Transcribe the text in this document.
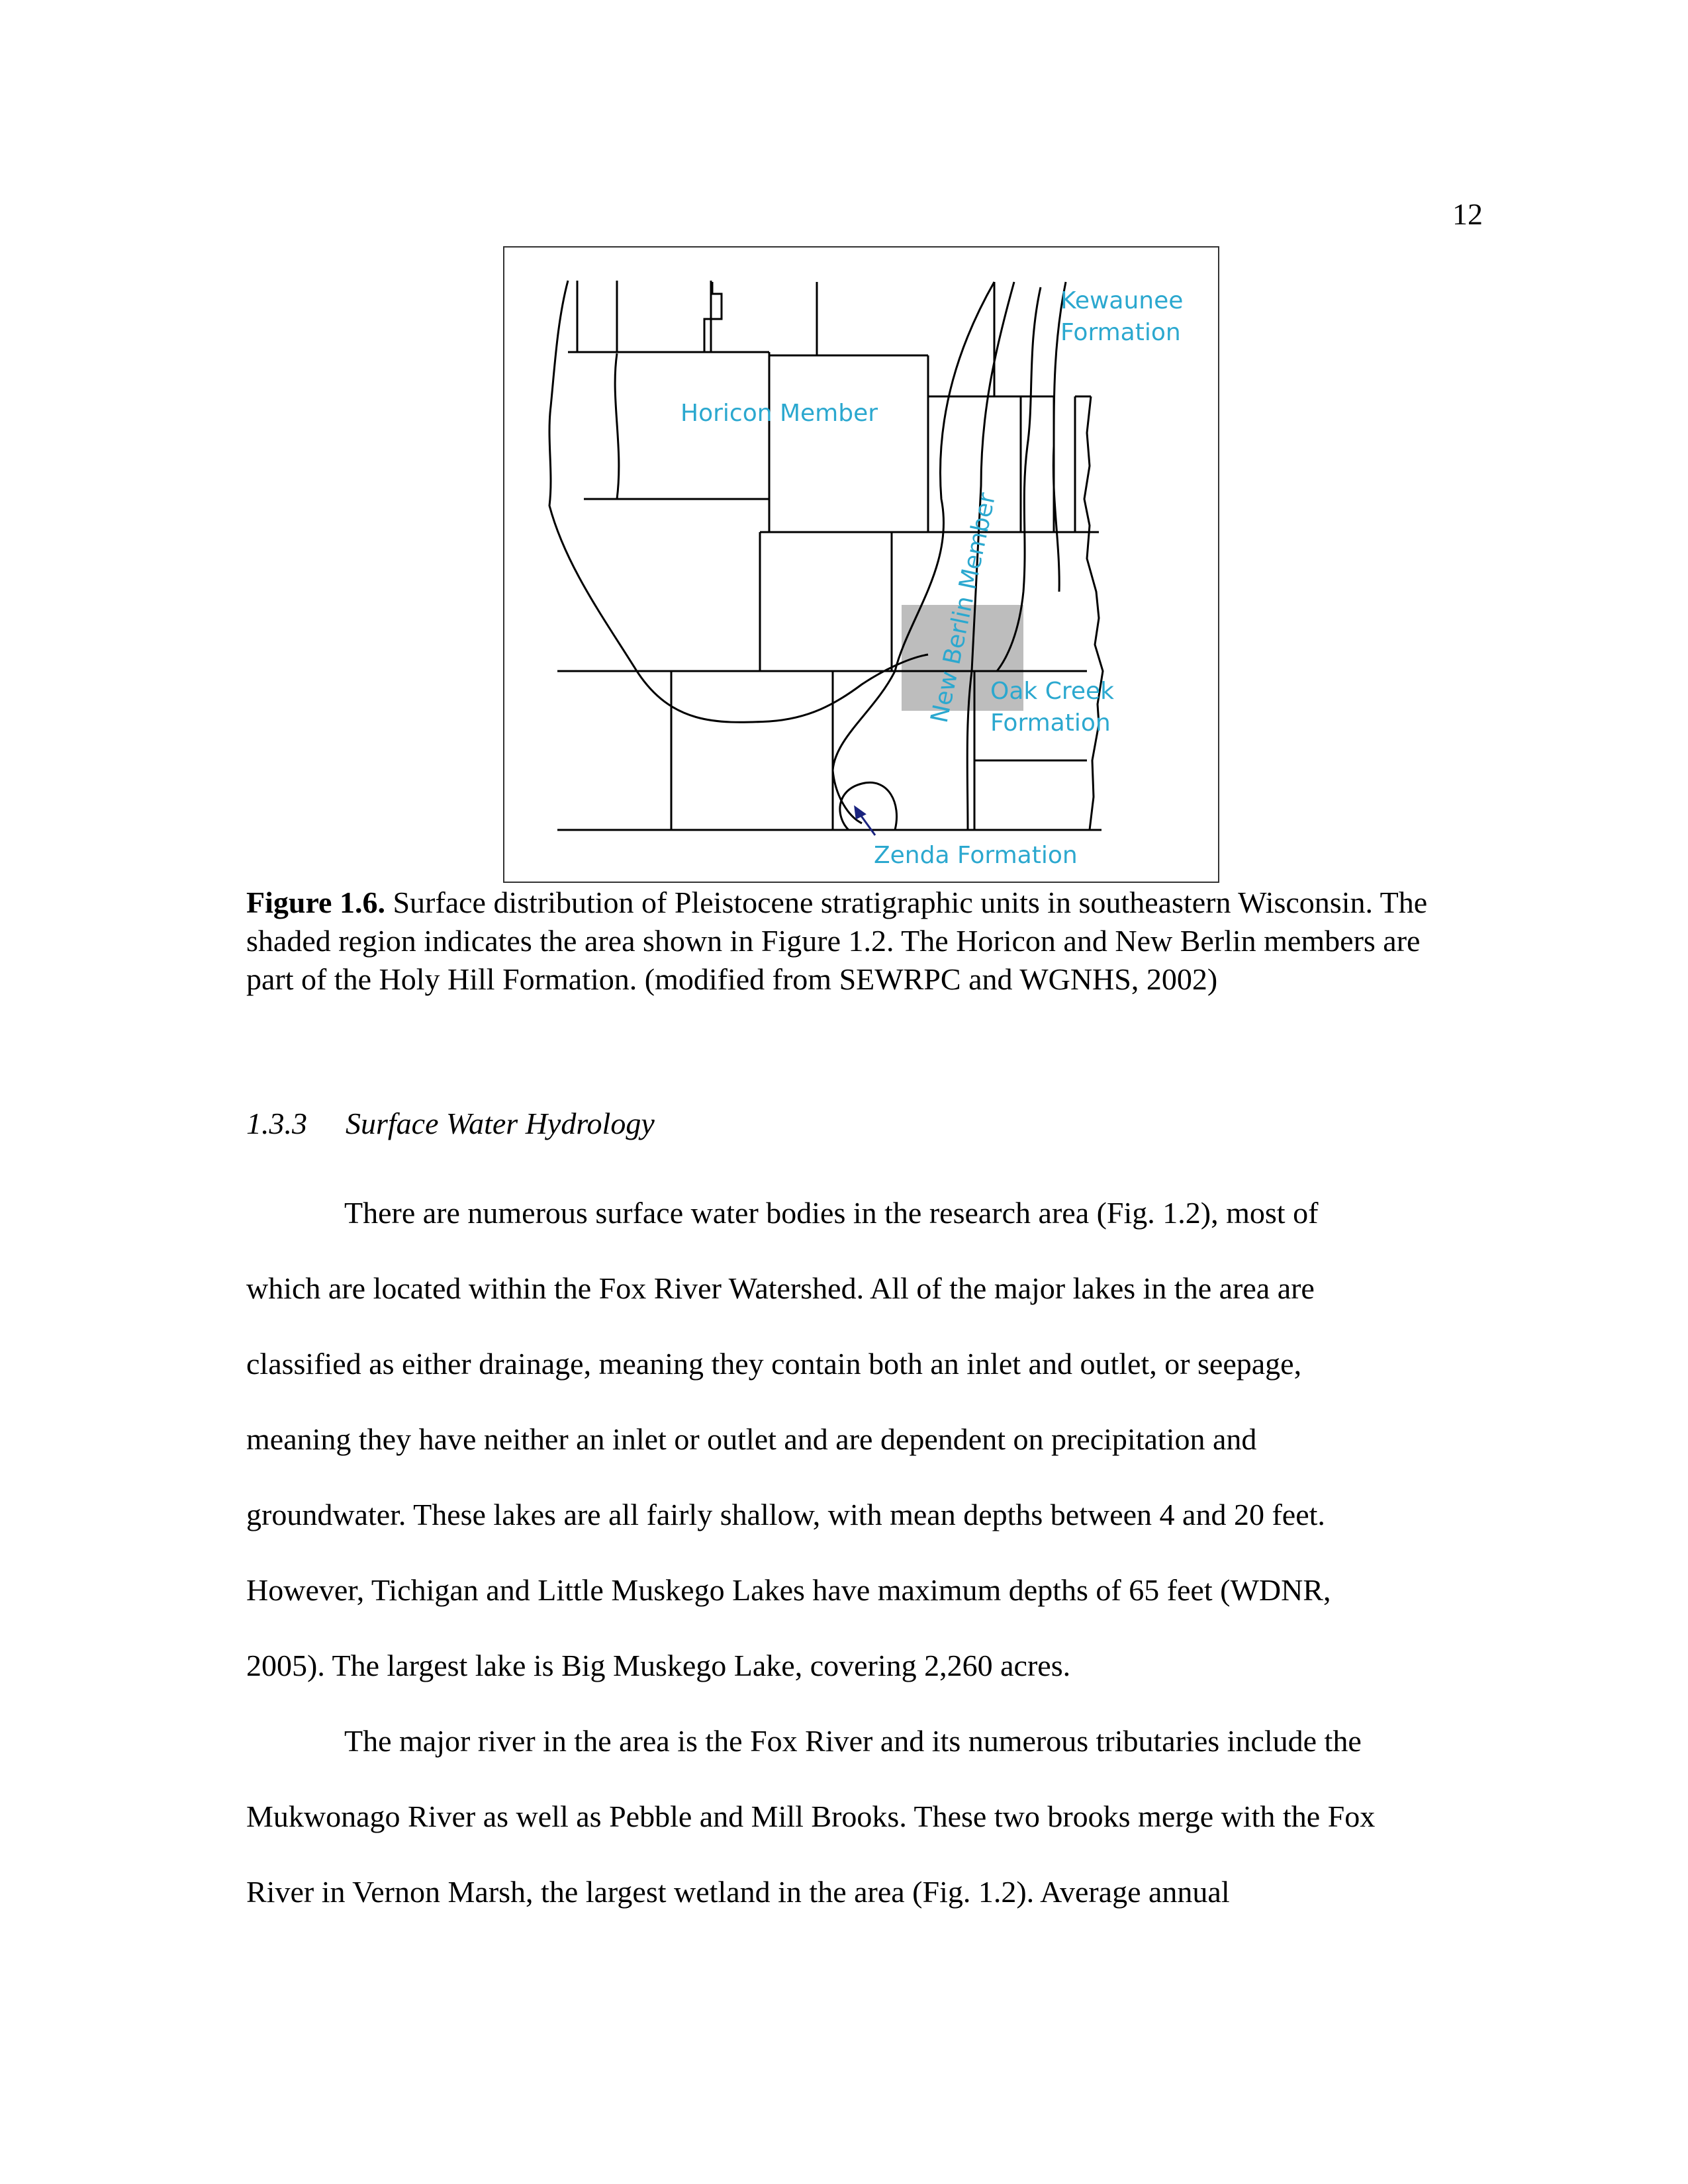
12
Kewaunee
Formation
Horicon Member
New Berlin Member
Oak Creek
Formation
Zenda Formation
Figure 1.6. Surface distribution of Pleistocene stratigraphic units in southeastern Wisconsin. The shaded region indicates the area shown in Figure 1.2. The Horicon and New Berlin members are part of the Holy Hill Formation. (modified from SEWRPC and WGNHS, 2002)
1.3.3 Surface Water Hydrology
There are numerous surface water bodies in the research area (Fig. 1.2), most of
which are located within the Fox River Watershed. All of the major lakes in the area are
classified as either drainage, meaning they contain both an inlet and outlet, or seepage,
meaning they have neither an inlet or outlet and are dependent on precipitation and
groundwater. These lakes are all fairly shallow, with mean depths between 4 and 20 feet.
However, Tichigan and Little Muskego Lakes have maximum depths of 65 feet (WDNR,
2005). The largest lake is Big Muskego Lake, covering 2,260 acres.
The major river in the area is the Fox River and its numerous tributaries include the
Mukwonago River as well as Pebble and Mill Brooks. These two brooks merge with the Fox
River in Vernon Marsh, the largest wetland in the area (Fig. 1.2). Average annual
